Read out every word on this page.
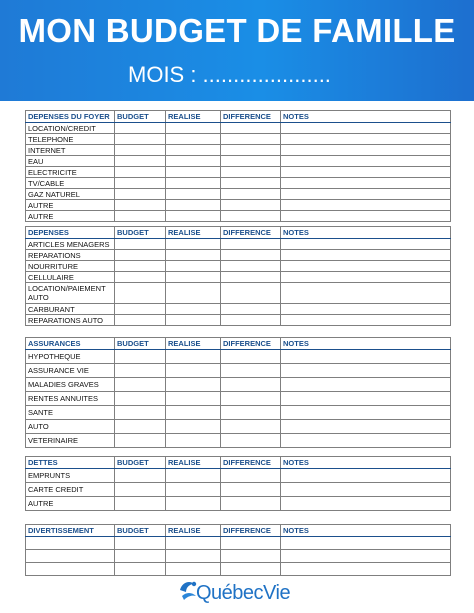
MON BUDGET DE FAMILLE
MOIS : .....................
DEPENSES DU FOYER	BUDGET	REALISE	DIFFERENCE	NOTES
LOCATION/CREDIT				
TELEPHONE				
INTERNET				
EAU				
ELECTRICITE				
TV/CABLE				
GAZ NATUREL				
AUTRE				
AUTRE				
DEPENSES	BUDGET	REALISE	DIFFERENCE	NOTES
ARTICLES MENAGERS				
REPARATIONS				
NOURRITURE				
CELLULAIRE				
LOCATION/PAIEMENT AUTO				
CARBURANT				
REPARATIONS AUTO				
ASSURANCES	BUDGET	REALISE	DIFFERENCE	NOTES
HYPOTHEQUE				
ASSURANCE VIE				
MALADIES GRAVES				
RENTES ANNUITES				
SANTE				
AUTO				
VETERINAIRE				
DETTES	BUDGET	REALISE	DIFFERENCE	NOTES
EMPRUNTS				
CARTE CREDIT				
AUTRE				
DIVERTISSEMENT	BUDGET	REALISE	DIFFERENCE	NOTES

QuébecVie
